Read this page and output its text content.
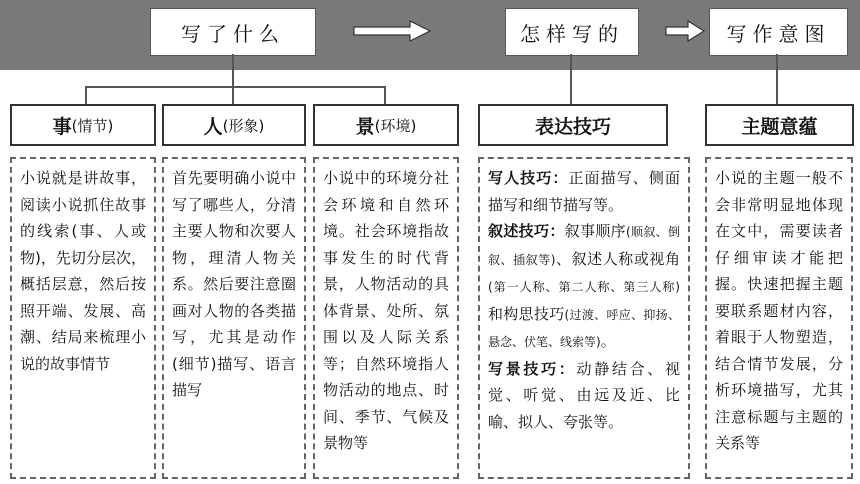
写了什么	怎样写的	写作意图
事 (情节)	人 (形象)	景 (环境)	表达技巧	主题意蕴

小说就是讲故事，阅读小说抓住故事的线索(事、人或物)，先切分层次，概括层意，然后按照开端、发展、高潮、结局来梳理小说的故事情节

首先要明确小说中写了哪些人，分清主要人物和次要人物，理清人物关系。然后要注意圈画对人物的各类描写，尤其是动作(细节)描写、语言描写

小说中的环境分社会环境和自然环境。社会环境指故事发生的时代背景，人物活动的具体背景、处所、氛围以及人际关系等；自然环境指人物活动的地点、时间、季节、气候及景物等

写人技巧：正面描写、侧面描写和细节描写等。

叙述技巧：叙事顺序(顺叙、倒叙、插叙等)、叙述人称或视角(第一人称、第二人称、第三人称)和构思技巧(过渡、呼应、抑扬、悬念、伏笔、线索等)。

写景技巧：动静结合、视觉、听觉、由远及近、比喻、拟人、夸张等。

小说的主题一般不会非常明显地体现在文中，需要读者仔细审读才能把握。快速把握主题要联系题材内容，着眼于人物塑造，结合情节发展，分析环境描写，尤其注意标题与主题的关系等
